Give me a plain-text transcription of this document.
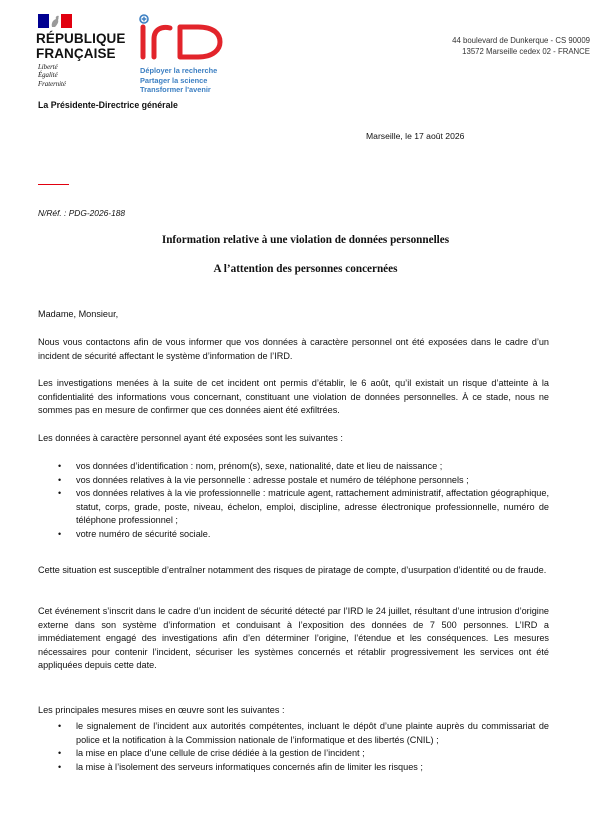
RÉPUBLIQUE
FRANÇAISE
Liberté
Égalité
Fraternité
Déployer la recherche
Partager la science
Transformer l'avenir
44 boulevard de Dunkerque - CS 90009
13572 Marseille cedex 02 - FRANCE
La Présidente-Directrice générale
Marseille, le 17 août 2026
N/Réf. : PDG-2026-188
Information relative à une violation de données personnelles
A l’attention des personnes concernées

Madame, Monsieur,

Nous vous contactons afin de vous informer que vos données à caractère personnel ont été exposées dans le cadre d’un incident de sécurité affectant le système d’information de l’IRD.

Les investigations menées à la suite de cet incident ont permis d’établir, le 6 août, qu’il existait un risque d’atteinte à la confidentialité des informations vous concernant, constituant une violation de données personnelles. À ce stade, nous ne sommes pas en mesure de confirmer que ces données aient été exfiltrées.

Les données à caractère personnel ayant été exposées sont les suivantes :

• vos données d’identification : nom, prénom(s), sexe, nationalité, date et lieu de naissance ;
• vos données relatives à la vie personnelle : adresse postale et numéro de téléphone personnels ;
• vos données relatives à la vie professionnelle : matricule agent, rattachement administratif, affectation géographique, statut, corps, grade, poste, niveau, échelon, emploi, discipline, adresse électronique professionnelle, numéro de téléphone professionnel ;
• votre numéro de sécurité sociale.

Cette situation est susceptible d’entraîner notamment des risques de piratage de compte, d’usurpation d’identité ou de fraude.

Cet événement s’inscrit dans le cadre d’un incident de sécurité détecté par l’IRD le 24 juillet, résultant d’une intrusion d’origine externe dans son système d’information et conduisant à l’exposition des données de 7 500 personnes. L’IRD a immédiatement engagé des investigations afin d’en déterminer l’origine, l’étendue et les conséquences. Les mesures nécessaires pour contenir l’incident, sécuriser les systèmes concernés et rétablir progressivement les services ont été appliquées depuis cette date.

Les principales mesures mises en œuvre sont les suivantes :

• le signalement de l’incident aux autorités compétentes, incluant le dépôt d’une plainte auprès du commissariat de police et la notification à la Commission nationale de l’informatique et des libertés (CNIL) ;
• la mise en place d’une cellule de crise dédiée à la gestion de l’incident ;
• la mise à l’isolement des serveurs informatiques concernés afin de limiter les risques ;
